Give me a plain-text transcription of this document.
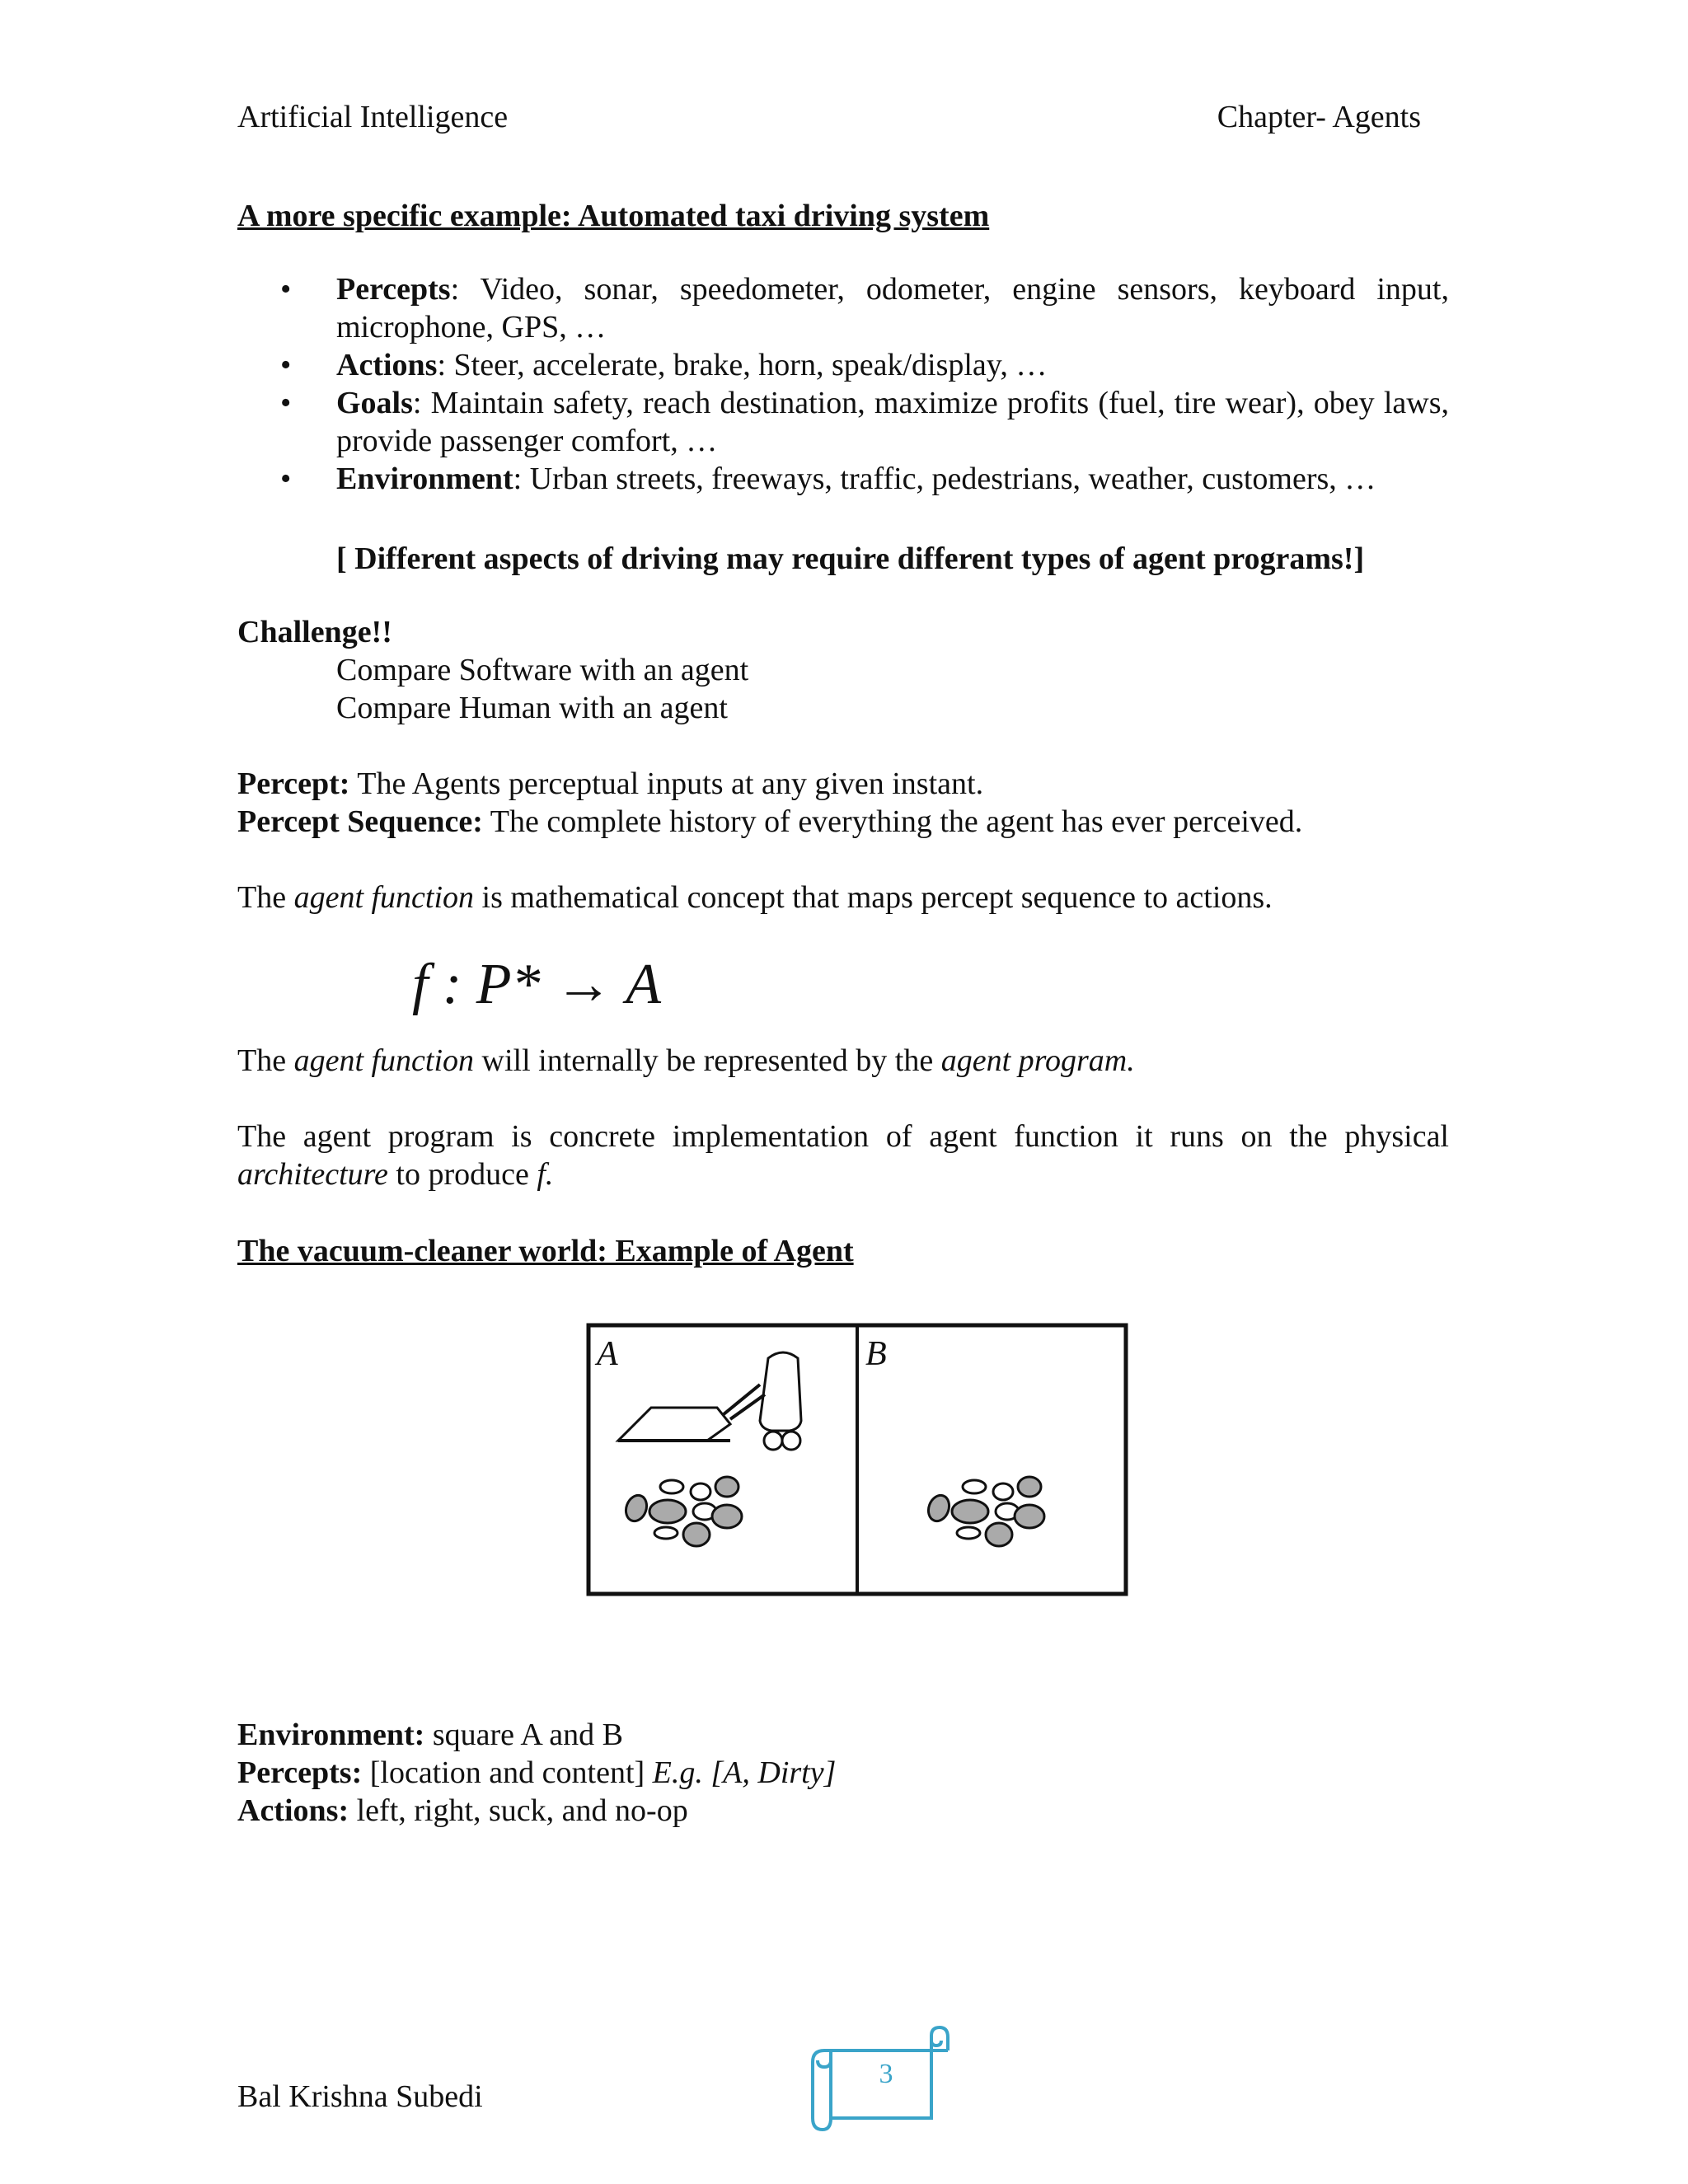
Artificial Intelligence	Chapter- Agents
A more specific example: Automated taxi driving system
• Percepts: Video, sonar, speedometer, odometer, engine sensors, keyboard input, microphone, GPS, …
• Actions: Steer, accelerate, brake, horn, speak/display, …
• Goals: Maintain safety, reach destination, maximize profits (fuel, tire wear), obey laws, provide passenger comfort, …
• Environment: Urban streets, freeways, traffic, pedestrians, weather, customers, …
[ Different aspects of driving may require different types of agent programs!]
Challenge!!
Compare Software with an agent
Compare Human with an agent
Percept: The Agents perceptual inputs at any given instant.
Percept Sequence: The complete history of everything the agent has ever perceived.
The agent function is mathematical concept that maps percept sequence to actions.
f : P* → A
The agent function will internally be represented by the agent program.
The agent program is concrete implementation of agent function it runs on the physical
architecture to produce f.
The vacuum-cleaner world: Example of Agent
A	B
Environment: square A and B
Percepts: [location and content] E.g. [A, Dirty]
Actions: left, right, suck, and no-op
Bal Krishna Subedi
3
